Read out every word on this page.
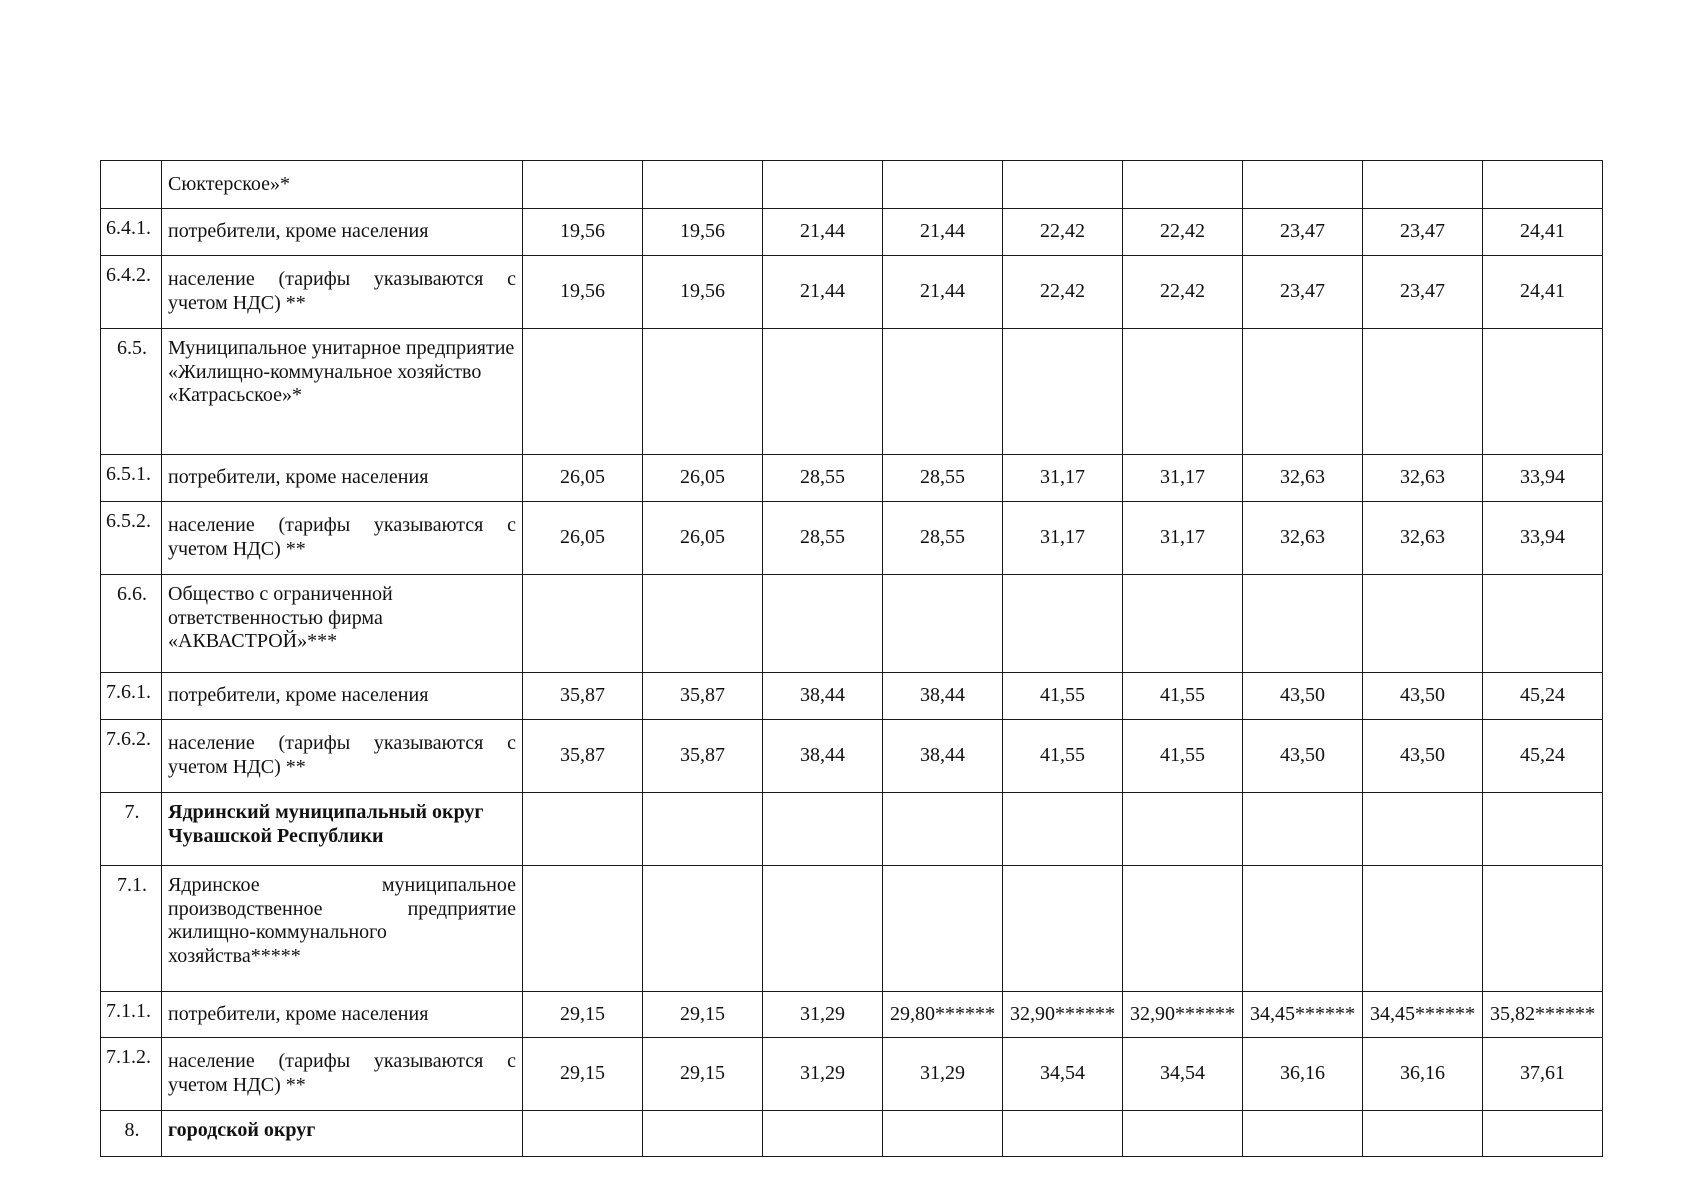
	Сюктерское»*									
6.4.1.	потребители, кроме населения	19,56	19,56	21,44	21,44	22,42	22,42	23,47	23,47	24,41
6.4.2.	население (тарифы указываются с учетом НДС) **	19,56	19,56	21,44	21,44	22,42	22,42	23,47	23,47	24,41
6.5.	Муниципальное унитарное предприятие «Жилищно-коммунальное хозяйство «Катрасьское»*									
6.5.1.	потребители, кроме населения	26,05	26,05	28,55	28,55	31,17	31,17	32,63	32,63	33,94
6.5.2.	население (тарифы указываются с учетом НДС) **	26,05	26,05	28,55	28,55	31,17	31,17	32,63	32,63	33,94
6.6.	Общество с ограниченной ответственностью фирма «АКВАСТРОЙ»***									
7.6.1.	потребители, кроме населения	35,87	35,87	38,44	38,44	41,55	41,55	43,50	43,50	45,24
7.6.2.	население (тарифы указываются с учетом НДС) **	35,87	35,87	38,44	38,44	41,55	41,55	43,50	43,50	45,24
7.	Ядринский муниципальный округ Чувашской Республики									
7.1.	Ядринское муниципальное производственное предприятие жилищно-коммунального хозяйства*****									
7.1.1.	потребители, кроме населения	29,15	29,15	31,29	29,80******	32,90******	32,90******	34,45******	34,45******	35,82******
7.1.2.	население (тарифы указываются с учетом НДС) **	29,15	29,15	31,29	31,29	34,54	34,54	36,16	36,16	37,61
8.	городской округ									
